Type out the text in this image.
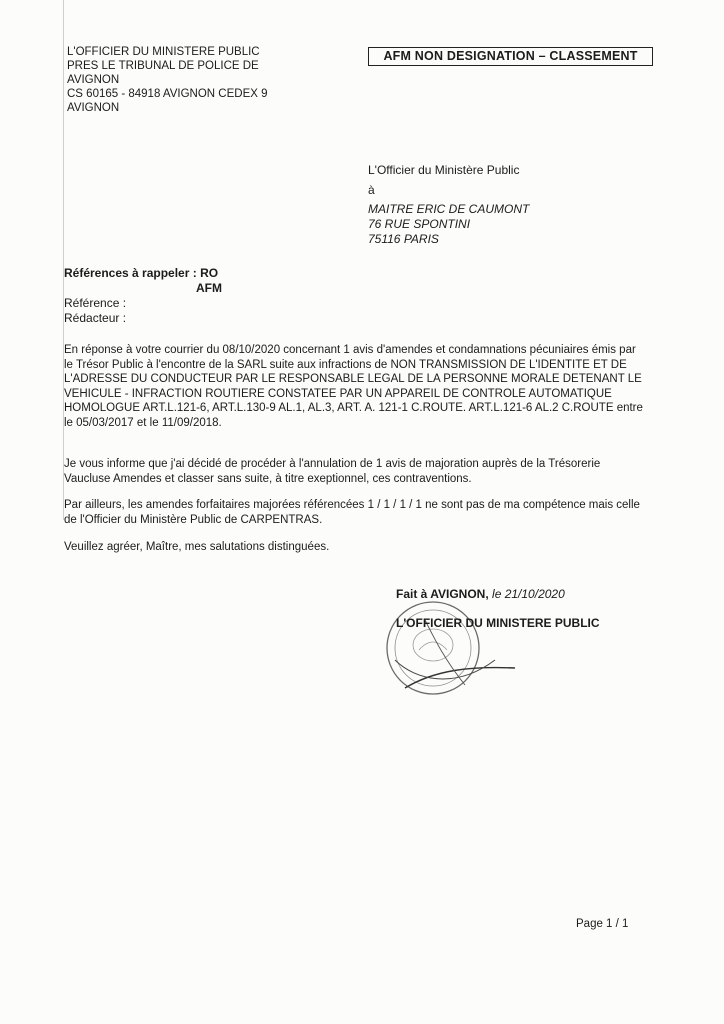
L'OFFICIER DU MINISTERE PUBLIC
PRES LE TRIBUNAL DE POLICE DE
AVIGNON
CS 60165 - 84918 AVIGNON CEDEX 9
AVIGNON
AFM NON DESIGNATION – CLASSEMENT
L'Officier du Ministère Public
à
MAITRE ERIC DE CAUMONT
76 RUE SPONTINI
75116 PARIS
Références à rappeler : RO
AFM
Référence :
Rédacteur :
En réponse à votre courrier du 08/10/2020 concernant 1 avis d'amendes et condamnations pécuniaires émis par le Trésor Public à l'encontre de la SARL suite aux infractions de NON TRANSMISSION DE L'IDENTITE ET DE L'ADRESSE DU CONDUCTEUR PAR LE RESPONSABLE LEGAL DE LA PERSONNE MORALE DETENANT LE VEHICULE - INFRACTION ROUTIERE CONSTATEE PAR UN APPAREIL DE CONTROLE AUTOMATIQUE HOMOLOGUE ART.L.121-6, ART.L.130-9 AL.1, AL.3, ART. A. 121-1 C.ROUTE. ART.L.121-6 AL.2 C.ROUTE entre le 05/03/2017 et le 11/09/2018.
Je vous informe que j'ai décidé de procéder à l'annulation de 1 avis de majoration auprès de la Trésorerie Vaucluse Amendes et classer sans suite, à titre exeptionnel, ces contraventions.
Par ailleurs, les amendes forfaitaires majorées référencées 1 / 1 / 1 / 1 ne sont pas de ma compétence mais celle de l'Officier du Ministère Public de CARPENTRAS.
Veuillez agréer, Maître, mes salutations distinguées.
Fait à AVIGNON, le 21/10/2020
L'OFFICIER DU MINISTERE PUBLIC
Page 1 / 1
